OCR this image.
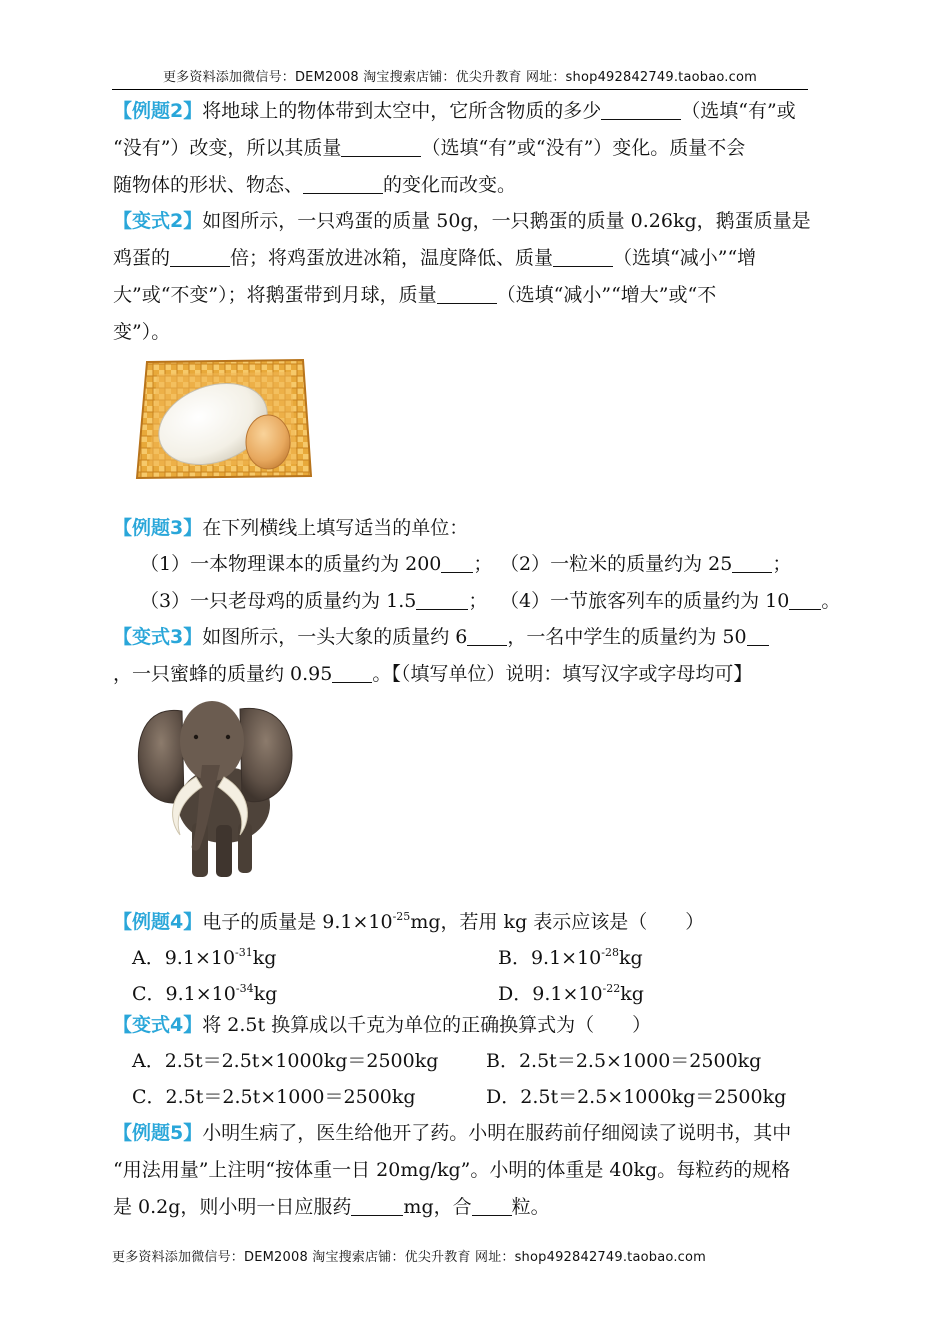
更多资料添加微信号：DEM2008 淘宝搜索店铺：优尖升教育 网址：shop492842749.taobao.com
【例题2】将地球上的物体带到太空中，它所含物质的多少	（选填“有”或
“没有”）改变，所以其质量	（选填“有”或“没有”）变化。质量不会
随物体的形状、物态、	的变化而改变。
【变式2】如图所示，一只鸡蛋的质量 50g，一只鹅蛋的质量 0.26kg，鹅蛋质量是
鸡蛋的	倍；将鸡蛋放进冰箱，温度降低、质量	（选填“减小”“增
大”或“不变”）；将鹅蛋带到月球，质量	（选填“减小”“增大”或“不
变”）。
【例题3】在下列横线上填写适当的单位：
（1）一本物理课本的质量约为 200 ； （2）一粒米的质量约为 25 ；
（3）一只老母鸡的质量约为 1.5	； （4）一节旅客列车的质量约为 10 。
【变式3】如图所示，一头大象的质量约 6 ，一名中学生的质量约为 50
，一只蜜蜂的质量约 0.95 。【（填写单位）说明：填写汉字或字母均可】
【例题4】电子的质量是 $9.1\times 10^{-25}mg$，若用 kg 表示应该是（　　）
A．$9.1\times 10^{-31}kg$	B．$9.1\times 10^{-28}kg$
C．$9.1\times 10^{-34}kg$	D．$9.1\times 10^{-22}kg$
【变式4】将 2.5t 换算成以千克为单位的正确换算式为（　　）
A．2.5t＝2.5t×1000kg＝2500kg	B．2.5t＝2.5×1000＝2500kg
C．2.5t＝2.5t×1000＝2500kg	D．2.5t＝2.5×1000kg＝2500kg
【例题5】小明生病了，医生给他开了药。小明在服药前仔细阅读了说明书，其中
“用法用量”上注明“按体重一日 20mg/kg”。小明的体重是 40kg。每粒药的规格
是 0.2g，则小明一日应服药	mg，合 粒。
更多资料添加微信号：DEM2008 淘宝搜索店铺：优尖升教育 网址：shop492842749.taobao.com
